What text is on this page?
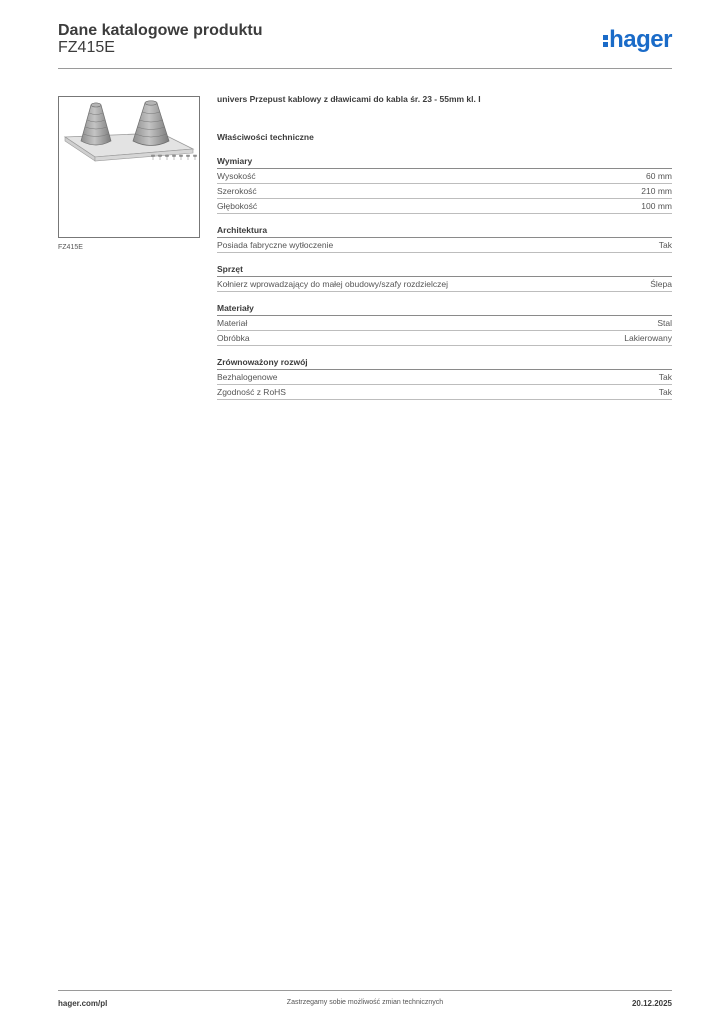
Dane katalogowe produktu
FZ415E	hager
FZ415E
univers Przepust kablowy z dławicami do kabla śr. 23 - 55mm kl. I
Właściwości techniczne
Wymiary
Wysokość	60 mm
Szerokość	210 mm
Głębokość	100 mm
Architektura
Posiada fabryczne wytłoczenie	Tak
Sprzęt
Kołnierz wprowadzający do małej obudowy/szafy rozdzielczej	Ślepa
Materiały
Materiał	Stal
Obróbka	Lakierowany
Zrównoważony rozwój
Bezhalogenowe	Tak
Zgodność z RoHS	Tak
hager.com/pl	Zastrzegamy sobie możliwość zmian technicznych	20.12.2025
